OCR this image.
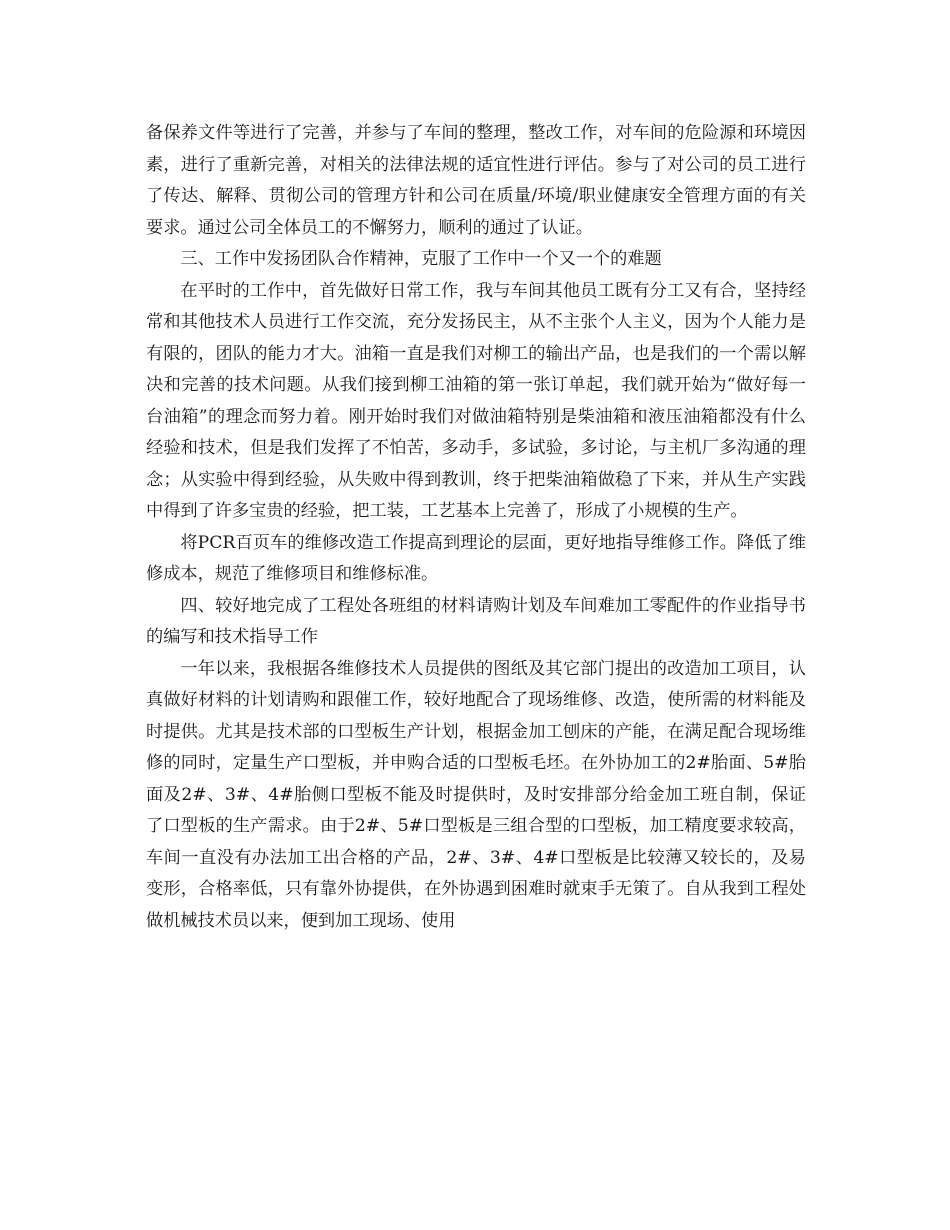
备保养文件等进行了完善，并参与了车间的整理，整改工作，对车间的危险源和环境因素，进行了重新完善，对相关的法律法规的适宜性进行评估。参与了对公司的员工进行了传达、解释、贯彻公司的管理方针和公司在质量/环境/职业健康安全管理方面的有关要求。通过公司全体员工的不懈努力，顺利的通过了认证。

三、工作中发扬团队合作精神，克服了工作中一个又一个的难题

在平时的工作中，首先做好日常工作，我与车间其他员工既有分工又有合，坚持经常和其他技术人员进行工作交流，充分发扬民主，从不主张个人主义，因为个人能力是有限的，团队的能力才大。油箱一直是我们对柳工的输出产品，也是我们的一个需以解决和完善的技术问题。从我们接到柳工油箱的第一张订单起，我们就开始为“做好每一台油箱”的理念而努力着。刚开始时我们对做油箱特别是柴油箱和液压油箱都没有什么经验和技术，但是我们发挥了不怕苦，多动手，多试验，多讨论，与主机厂多沟通的理念；从实验中得到经验，从失败中得到教训，终于把柴油箱做稳了下来，并从生产实践中得到了许多宝贵的经验，把工装，工艺基本上完善了，形成了小规模的生产。

将PCR百页车的维修改造工作提高到理论的层面，更好地指导维修工作。降低了维修成本，规范了维修项目和维修标准。

四、较好地完成了工程处各班组的材料请购计划及车间难加工零配件的作业指导书的编写和技术指导工作

一年以来，我根据各维修技术人员提供的图纸及其它部门提出的改造加工项目，认真做好材料的计划请购和跟催工作，较好地配合了现场维修、改造，使所需的材料能及时提供。尤其是技术部的口型板生产计划，根据金加工刨床的产能，在满足配合现场维修的同时，定量生产口型板，并申购合适的口型板毛坯。在外协加工的2#胎面、5#胎面及2#、3#、4#胎侧口型板不能及时提供时，及时安排部分给金加工班自制，保证了口型板的生产需求。由于2#、5#口型板是三组合型的口型板，加工精度要求较高，车间一直没有办法加工出合格的产品，2#、3#、4#口型板是比较薄又较长的，及易变形，合格率低，只有靠外协提供，在外协遇到困难时就束手无策了。自从我到工程处做机械技术员以来，便到加工现场、使用
